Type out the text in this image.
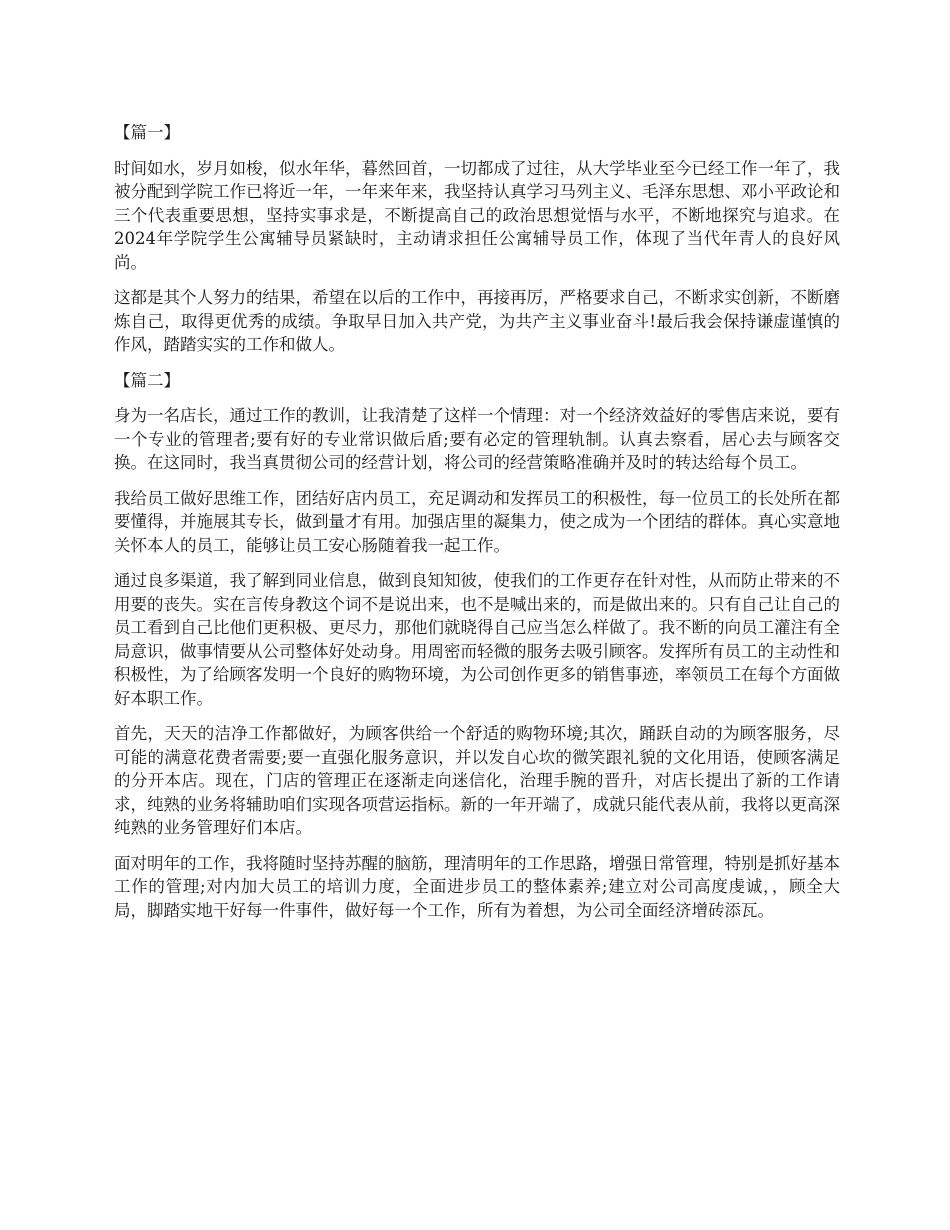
【篇一】

时间如水，岁月如梭，似水年华，暮然回首，一切都成了过往，从大学毕业至今已经工作一年了，我被分配到学院工作已将近一年，一年来年来，我坚持认真学习马列主义、毛泽东思想、邓小平政论和三个代表重要思想，坚持实事求是，不断提高自己的政治思想觉悟与水平，不断地探究与追求。在2024年学院学生公寓辅导员紧缺时，主动请求担任公寓辅导员工作，体现了当代年青人的良好风尚。

这都是其个人努力的结果，希望在以后的工作中，再接再厉，严格要求自己，不断求实创新，不断磨炼自己，取得更优秀的成绩。争取早日加入共产党，为共产主义事业奋斗!最后我会保持谦虚谨慎的作风，踏踏实实的工作和做人。

【篇二】

身为一名店长，通过工作的教训，让我清楚了这样一个情理：对一个经济效益好的零售店来说，要有一个专业的管理者;要有好的专业常识做后盾;要有必定的管理轨制。认真去察看，居心去与顾客交换。在这同时，我当真贯彻公司的经营计划，将公司的经营策略准确并及时的转达给每个员工。

我给员工做好思维工作，团结好店内员工，充足调动和发挥员工的积极性，每一位员工的长处所在都要懂得，并施展其专长，做到量才有用。加强店里的凝集力，使之成为一个团结的群体。真心实意地关怀本人的员工，能够让员工安心肠随着我一起工作。

通过良多渠道，我了解到同业信息，做到良知知彼，使我们的工作更存在针对性，从而防止带来的不用要的丧失。实在言传身教这个词不是说出来，也不是喊出来的，而是做出来的。只有自己让自己的员工看到自己比他们更积极、更尽力，那他们就晓得自己应当怎么样做了。我不断的向员工灌注有全局意识，做事情要从公司整体好处动身。用周密而轻微的服务去吸引顾客。发挥所有员工的主动性和积极性，为了给顾客发明一个良好的购物环境，为公司创作更多的销售事迹，率领员工在每个方面做好本职工作。

首先，天天的洁净工作都做好，为顾客供给一个舒适的购物环境;其次，踊跃自动的为顾客服务，尽可能的满意花费者需要;要一直强化服务意识，并以发自心坎的微笑跟礼貌的文化用语，使顾客满足的分开本店。现在，门店的管理正在逐渐走向迷信化，治理手腕的晋升，对店长提出了新的工作请求，纯熟的业务将辅助咱们实现各项营运指标。新的一年开端了，成就只能代表从前，我将以更高深纯熟的业务管理好们本店。

面对明年的工作，我将随时坚持苏醒的脑筋，理清明年的工作思路，增强日常管理，特别是抓好基本工作的管理;对内加大员工的培训力度，全面进步员工的整体素养;建立对公司高度虔诚，，顾全大局，脚踏实地干好每一件事件，做好每一个工作，所有为着想，为公司全面经济增砖添瓦。
